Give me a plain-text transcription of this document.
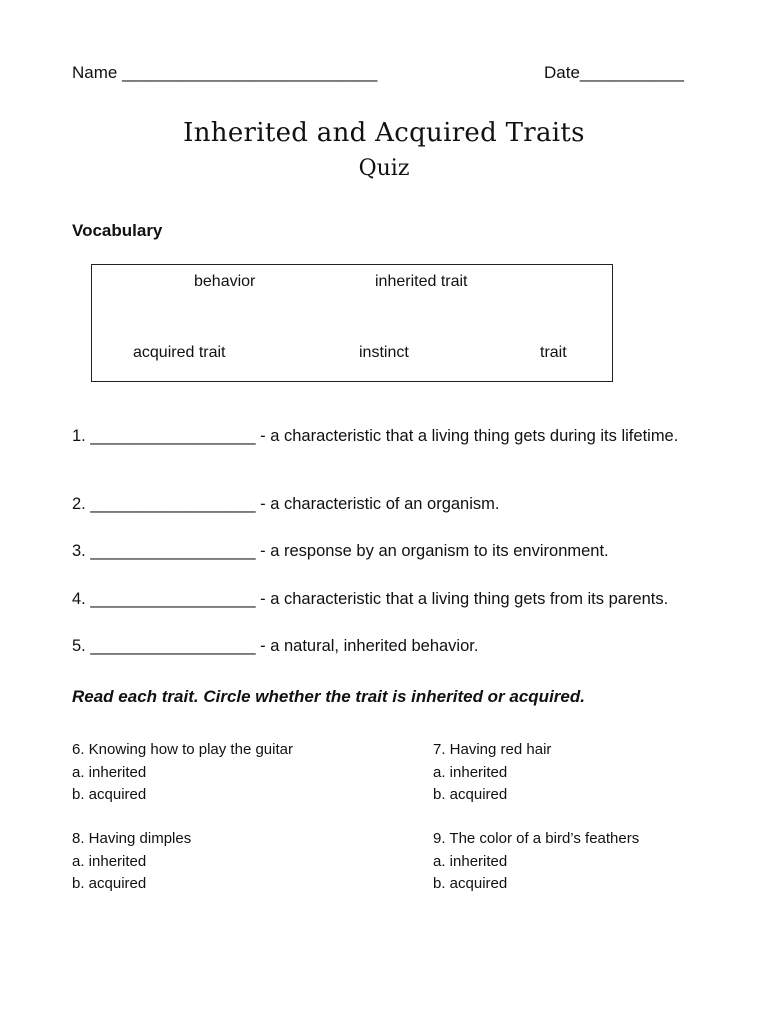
Name ___________________________	Date___________
Inherited and Acquired Traits
Quiz
Vocabulary
behavior	inherited trait
acquired trait	instinct	trait
1. __________________ - a characteristic that a living thing gets during its lifetime.
2. __________________ - a characteristic of an organism.
3. __________________ - a response by an organism to its environment.
4. __________________ - a characteristic that a living thing gets from its parents.
5. __________________ - a natural, inherited behavior.
Read each trait. Circle whether the trait is inherited or acquired.
6. Knowing how to play the guitar
a. inherited
b. acquired
7. Having red hair
a. inherited
b. acquired
8. Having dimples
a. inherited
b. acquired
9. The color of a bird’s feathers
a. inherited
b. acquired
